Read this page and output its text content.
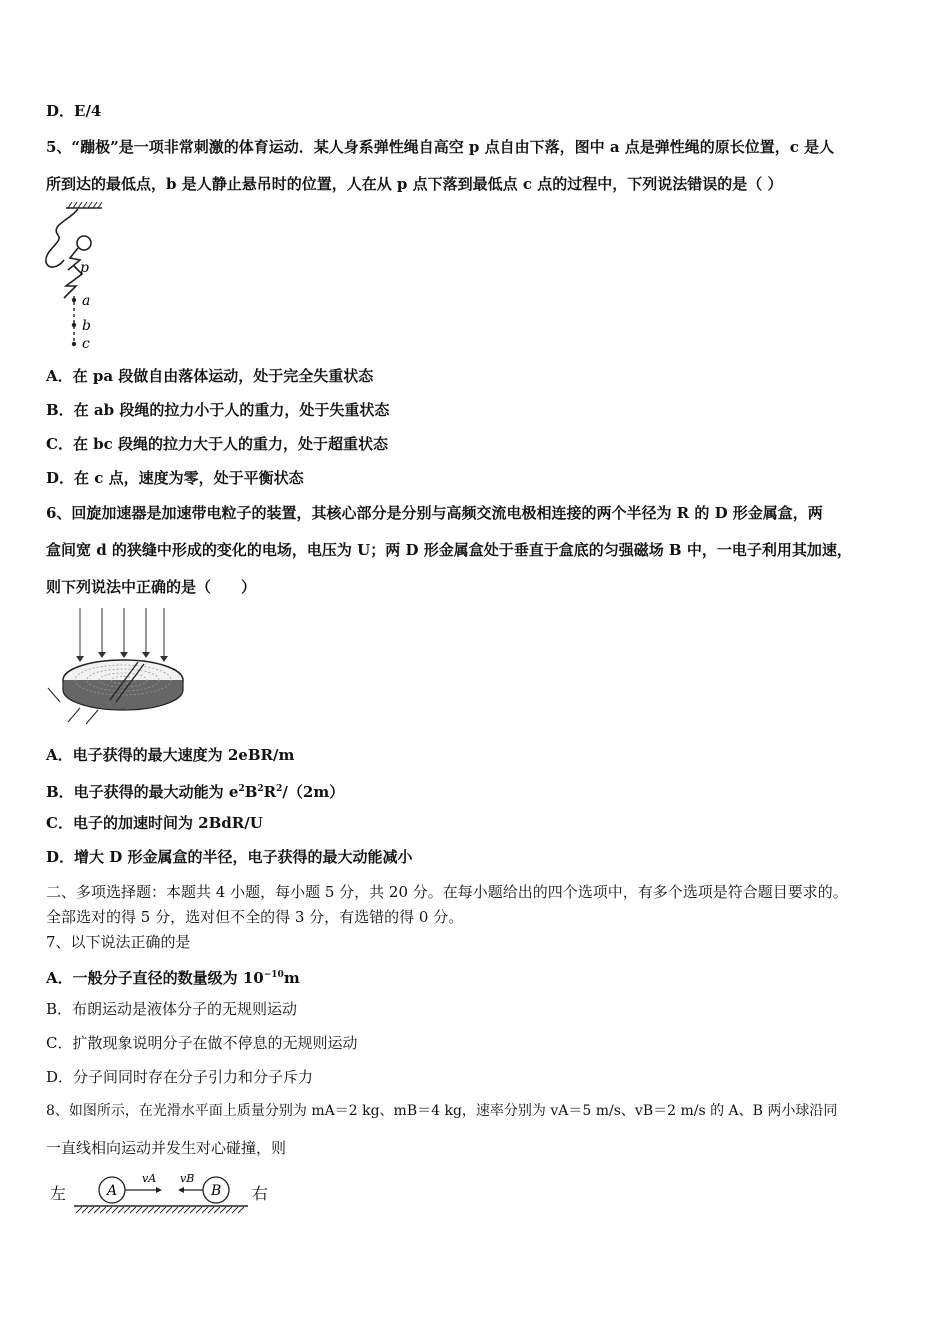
D．E/4
5、“蹦极”是一项非常刺激的体育运动．某人身系弹性绳自高空 p 点自由下落，图中 a 点是弹性绳的原长位置，c 是人
所到达的最低点，b 是人静止悬吊时的位置，人在从 p 点下落到最低点 c 点的过程中，下列说法错误的是（ ）
p
a
b
c
A．在 pa 段做自由落体运动，处于完全失重状态
B．在 ab 段绳的拉力小于人的重力，处于失重状态
C．在 bc 段绳的拉力大于人的重力，处于超重状态
D．在 c 点，速度为零，处于平衡状态
6、回旋加速器是加速带电粒子的装置，其核心部分是分别与高频交流电极相连接的两个半径为 R 的 D 形金属盒，两
盒间宽 d 的狭缝中形成的变化的电场，电压为 U；两 D 形金属盒处于垂直于盒底的匀强磁场 B 中，一电子利用其加速，
则下列说法中正确的是（　　）
A．电子获得的最大速度为 2eBR/m
B．电子获得的最大动能为 $e^2B^2R^2/(2m)$
C．电子的加速时间为 2BdR/U
D．增大 D 形金属盒的半径，电子获得的最大动能减小
二、多项选择题：本题共 4 小题，每小题 5 分，共 20 分。在每小题给出的四个选项中，有多个选项是符合题目要求的。
全部选对的得 5 分，选对但不全的得 3 分，有选错的得 0 分。
7、以下说法正确的是
A．一般分子直径的数量级为 $10^{-10}m$
B．布朗运动是液体分子的无规则运动
C．扩散现象说明分子在做不停息的无规则运动
D．分子间同时存在分子引力和分子斥力
8、如图所示，在光滑水平面上质量分别为 mA＝2 kg、mB＝4 kg，速率分别为 vA＝5 m/s、vB＝2 m/s 的 A、B 两小球沿同
一直线相向运动并发生对心碰撞，则
左	右
A	B
vA vB
